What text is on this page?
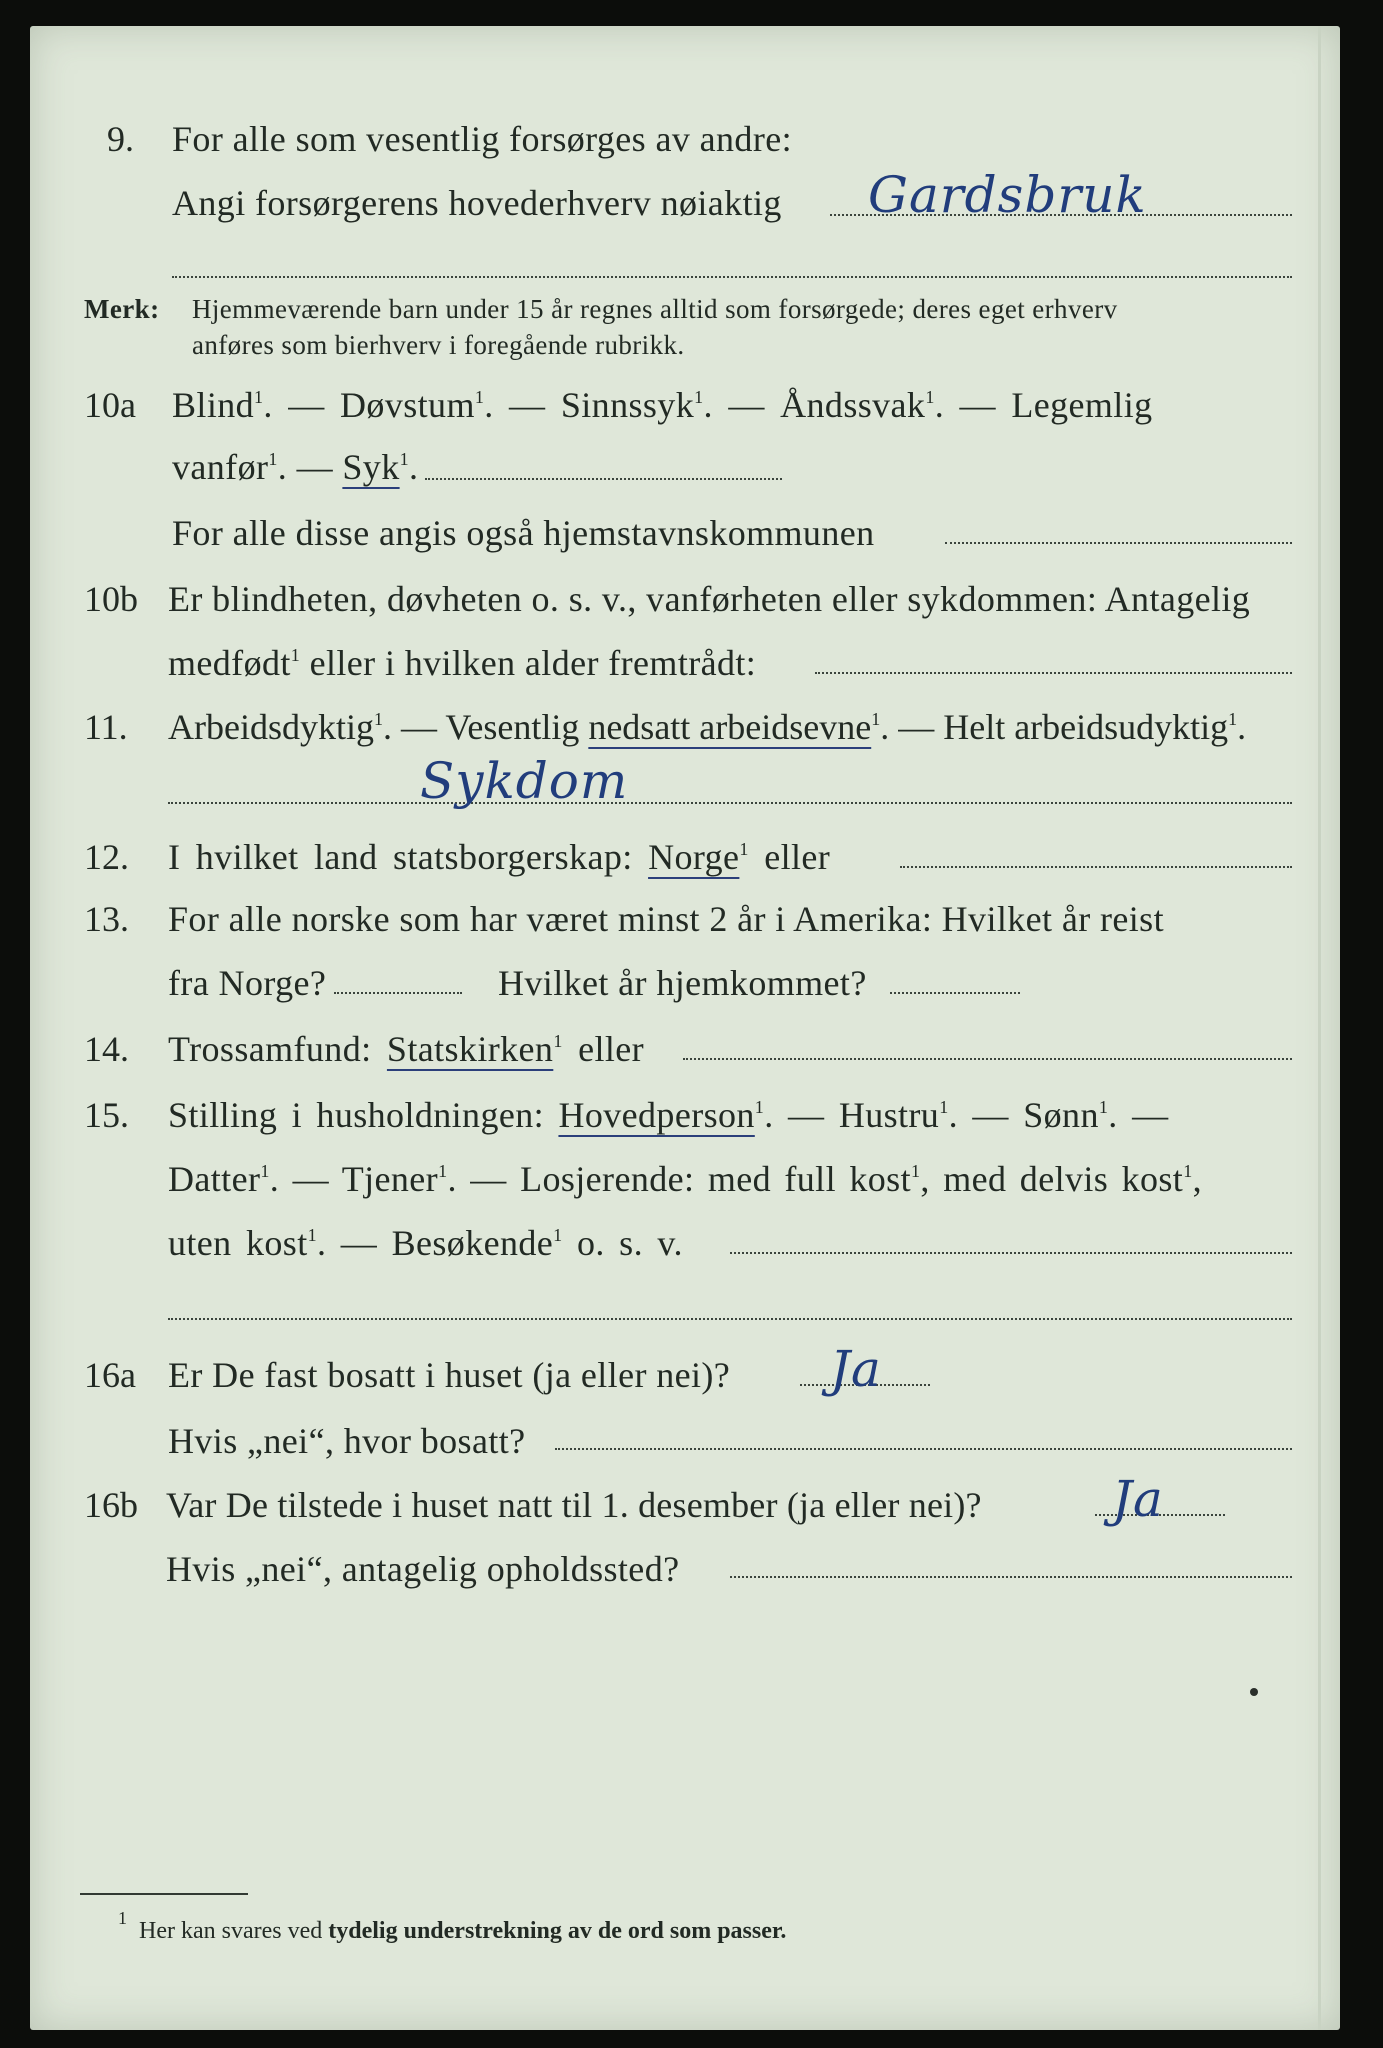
9. For alle som vesentlig forsørges av andre:
Angi forsørgerens hovederhverv nøiaktig Gardsbruk
Merk: Hjemmeværende barn under 15 år regnes alltid som forsørgede; deres eget erhverv
anføres som bierhverv i foregående rubrikk.
10a Blind$^1$. — Døvstum$^1$. — Sinnssyk$^1$. — Åndssvak$^1$. — Legemlig
vanfør$^1$. — Syk$^1$.
For alle disse angis også hjemstavnskommunen
10b Er blindheten, døvheten o. s. v., vanførheten eller sykdommen: Antagelig
medfødt$^1$ eller i hvilken alder fremtrådt:
11. Arbeidsdyktig$^1$. — Vesentlig nedsatt arbeidsevne$^1$. — Helt arbeidsudyktig$^1$.
Sykdom
12. I hvilket land statsborgerskap: Norge$^1$ eller
13. For alle norske som har været minst 2 år i Amerika: Hvilket år reist
fra Norge?	Hvilket år hjemkommet?
14. Trossamfund: Statskirken$^1$ eller
15. Stilling i husholdningen: Hovedperson$^1$. — Hustru$^1$. — Sønn$^1$. —
Datter$^1$. — Tjener$^1$. — Losjerende: med full kost$^1$, med delvis kost$^1$,
uten kost$^1$. — Besøkende$^1$ o. s. v.
16a Er De fast bosatt i huset (ja eller nei)? Ja
Hvis „nei“, hvor bosatt?
16b Var De tilstede i huset natt til 1. desember (ja eller nei)?	Ja
Hvis „nei“, antagelig opholdssted?
$^1$ Her kan svares ved tydelig understrekning av de ord som passer.
